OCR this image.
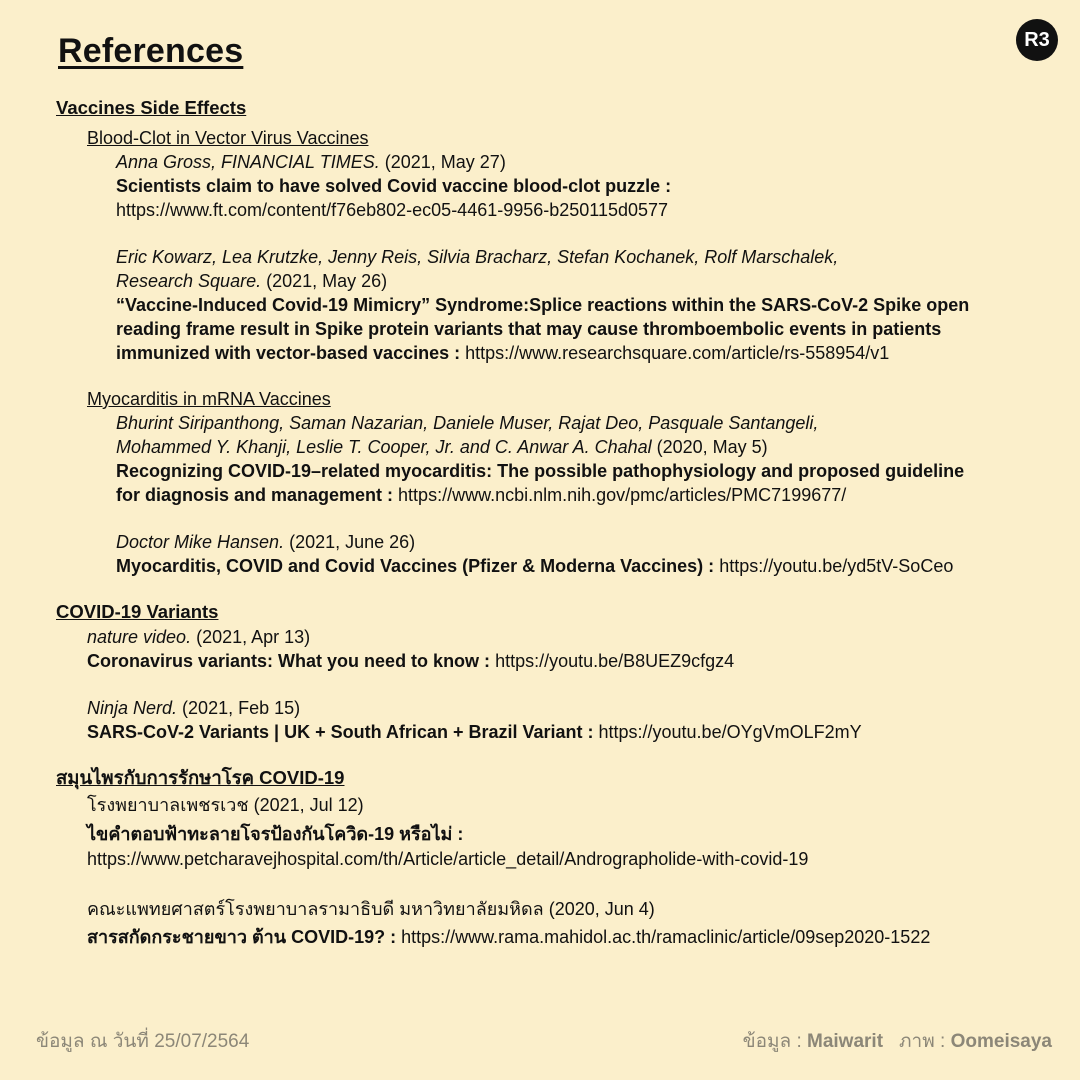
References	R3
Vaccines Side Effects
Blood-Clot in Vector Virus Vaccines
Anna Gross, FINANCIAL TIMES. (2021, May 27)
Scientists claim to have solved Covid vaccine blood-clot puzzle :
https://www.ft.com/content/f76eb802-ec05-4461-9956-b250115d0577
Eric Kowarz, Lea Krutzke, Jenny Reis, Silvia Bracharz, Stefan Kochanek, Rolf Marschalek,
Research Square. (2021, May 26)
“Vaccine-Induced Covid-19 Mimicry” Syndrome:Splice reactions within the SARS-CoV-2 Spike open
reading frame result in Spike protein variants that may cause thromboembolic events in patients
immunized with vector-based vaccines : https://www.researchsquare.com/article/rs-558954/v1
Myocarditis in mRNA Vaccines
Bhurint Siripanthong, Saman Nazarian, Daniele Muser, Rajat Deo, Pasquale Santangeli,
Mohammed Y. Khanji, Leslie T. Cooper, Jr. and C. Anwar A. Chahal (2020, May 5)
Recognizing COVID-19–related myocarditis: The possible pathophysiology and proposed guideline
for diagnosis and management : https://www.ncbi.nlm.nih.gov/pmc/articles/PMC7199677/
Doctor Mike Hansen. (2021, June 26)
Myocarditis, COVID and Covid Vaccines (Pfizer & Moderna Vaccines) : https://youtu.be/yd5tV-SoCeo
COVID-19 Variants
nature video. (2021, Apr 13)
Coronavirus variants: What you need to know : https://youtu.be/B8UEZ9cfgz4
Ninja Nerd. (2021, Feb 15)
SARS-CoV-2 Variants | UK + South African + Brazil Variant : https://youtu.be/OYgVmOLF2mY
สมุนไพรกับการรักษาโรค COVID-19
โรงพยาบาลเพชรเวช (2021, Jul 12)
ไขคำตอบฟ้าทะลายโจรป้องกันโควิด-19 หรือไม่ :
https://www.petcharavejhospital.com/th/Article/article_detail/Andrographolide-with-covid-19
คณะแพทยศาสตร์โรงพยาบาลรามาธิบดี มหาวิทยาลัยมหิดล (2020, Jun 4)
สารสกัดกระชายขาว ต้าน COVID-19? : https://www.rama.mahidol.ac.th/ramaclinic/article/09sep2020-1522
ข้อมูล ณ วันที่ 25/07/2564	ข้อมูล : Maiwarit ภาพ : Oomeisaya
